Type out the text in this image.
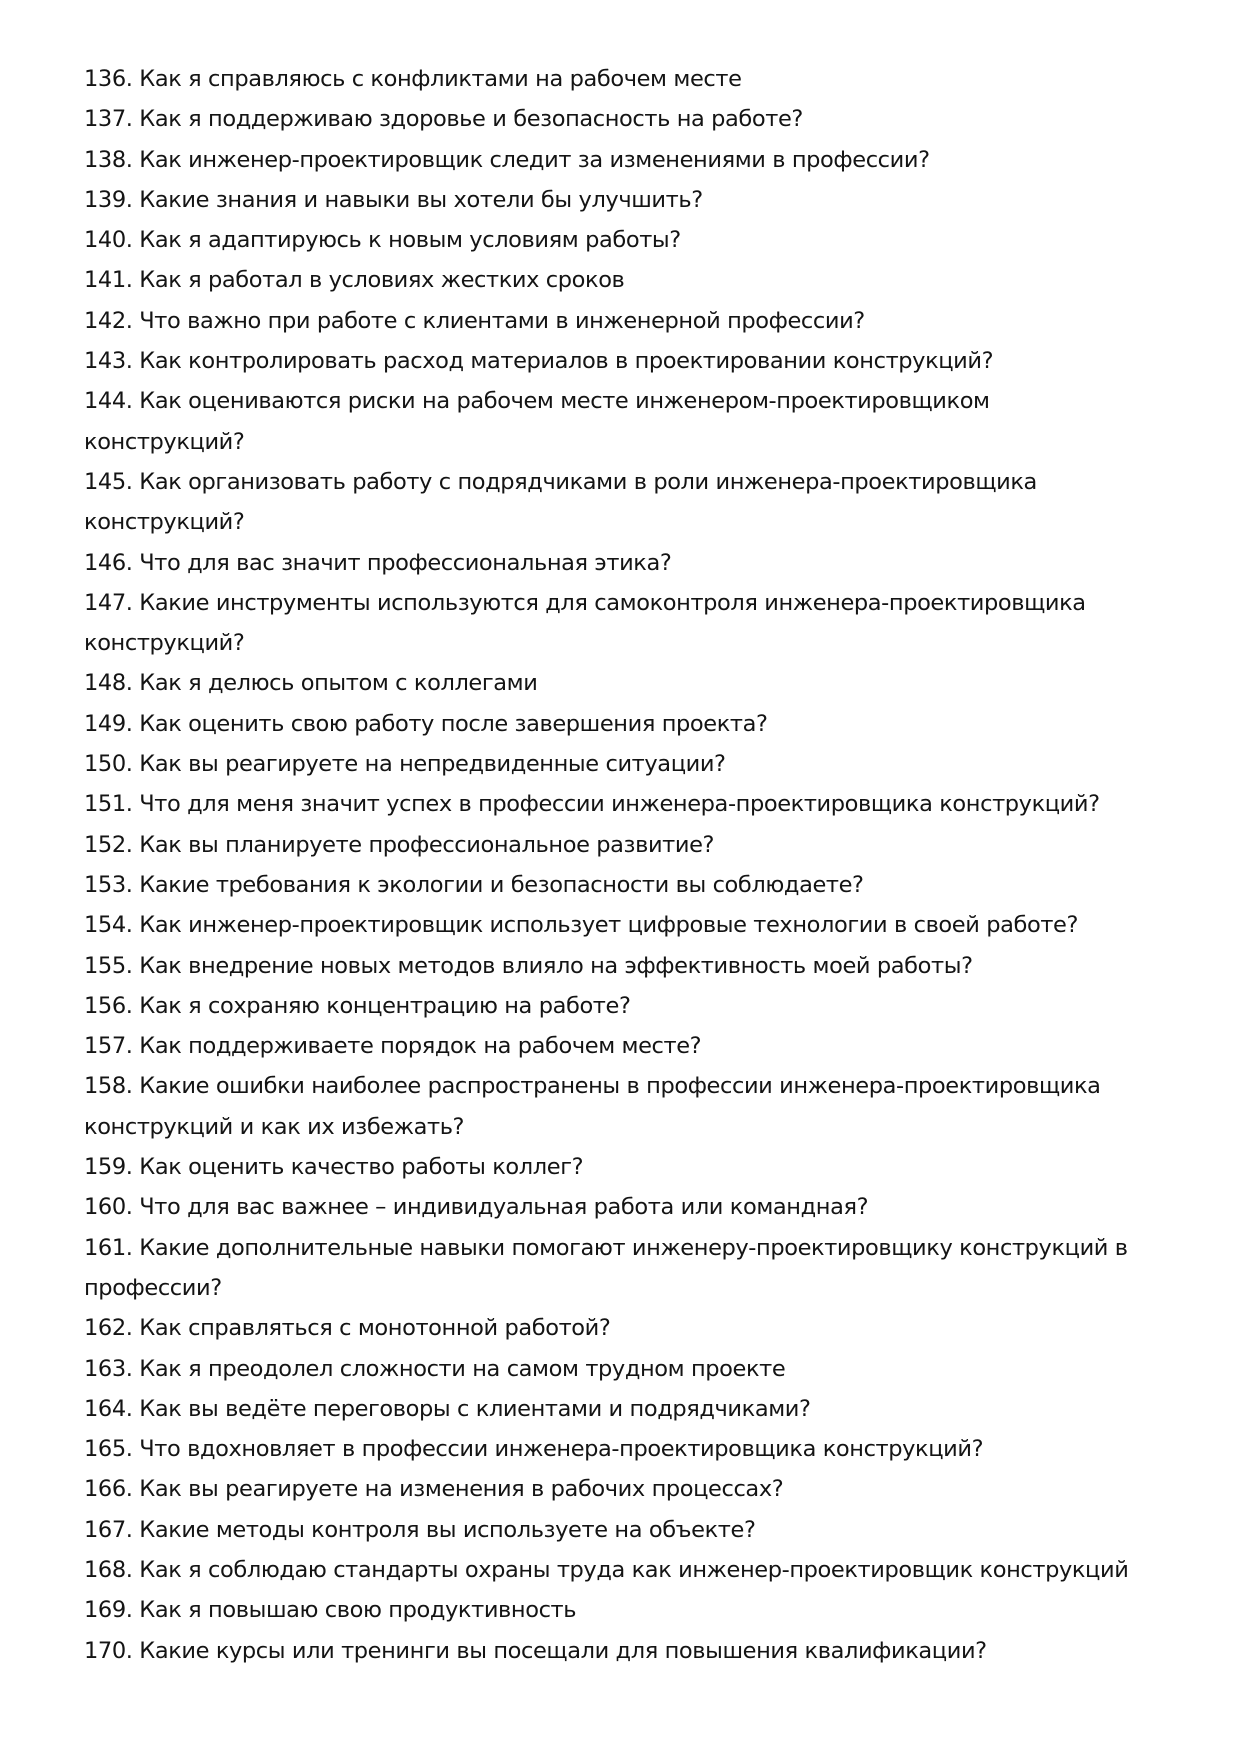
136. Как я справляюсь с конфликтами на рабочем месте
137. Как я поддерживаю здоровье и безопасность на работе?
138. Как инженер-проектировщик следит за изменениями в профессии?
139. Какие знания и навыки вы хотели бы улучшить?
140. Как я адаптируюсь к новым условиям работы?
141. Как я работал в условиях жестких сроков
142. Что важно при работе с клиентами в инженерной профессии?
143. Как контролировать расход материалов в проектировании конструкций?
144. Как оцениваются риски на рабочем месте инженером-проектировщиком конструкций?
145. Как организовать работу с подрядчиками в роли инженера-проектировщика конструкций?
146. Что для вас значит профессиональная этика?
147. Какие инструменты используются для самоконтроля инженера-проектировщика конструкций?
148. Как я делюсь опытом с коллегами
149. Как оценить свою работу после завершения проекта?
150. Как вы реагируете на непредвиденные ситуации?
151. Что для меня значит успех в профессии инженера-проектировщика конструкций?
152. Как вы планируете профессиональное развитие?
153. Какие требования к экологии и безопасности вы соблюдаете?
154. Как инженер-проектировщик использует цифровые технологии в своей работе?
155. Как внедрение новых методов влияло на эффективность моей работы?
156. Как я сохраняю концентрацию на работе?
157. Как поддерживаете порядок на рабочем месте?
158. Какие ошибки наиболее распространены в профессии инженера-проектировщика конструкций и как их избежать?
159. Как оценить качество работы коллег?
160. Что для вас важнее – индивидуальная работа или командная?
161. Какие дополнительные навыки помогают инженеру-проектировщику конструкций в профессии?
162. Как справляться с монотонной работой?
163. Как я преодолел сложности на самом трудном проекте
164. Как вы ведёте переговоры с клиентами и подрядчиками?
165. Что вдохновляет в профессии инженера-проектировщика конструкций?
166. Как вы реагируете на изменения в рабочих процессах?
167. Какие методы контроля вы используете на объекте?
168. Как я соблюдаю стандарты охраны труда как инженер-проектировщик конструкций
169. Как я повышаю свою продуктивность
170. Какие курсы или тренинги вы посещали для повышения квалификации?
